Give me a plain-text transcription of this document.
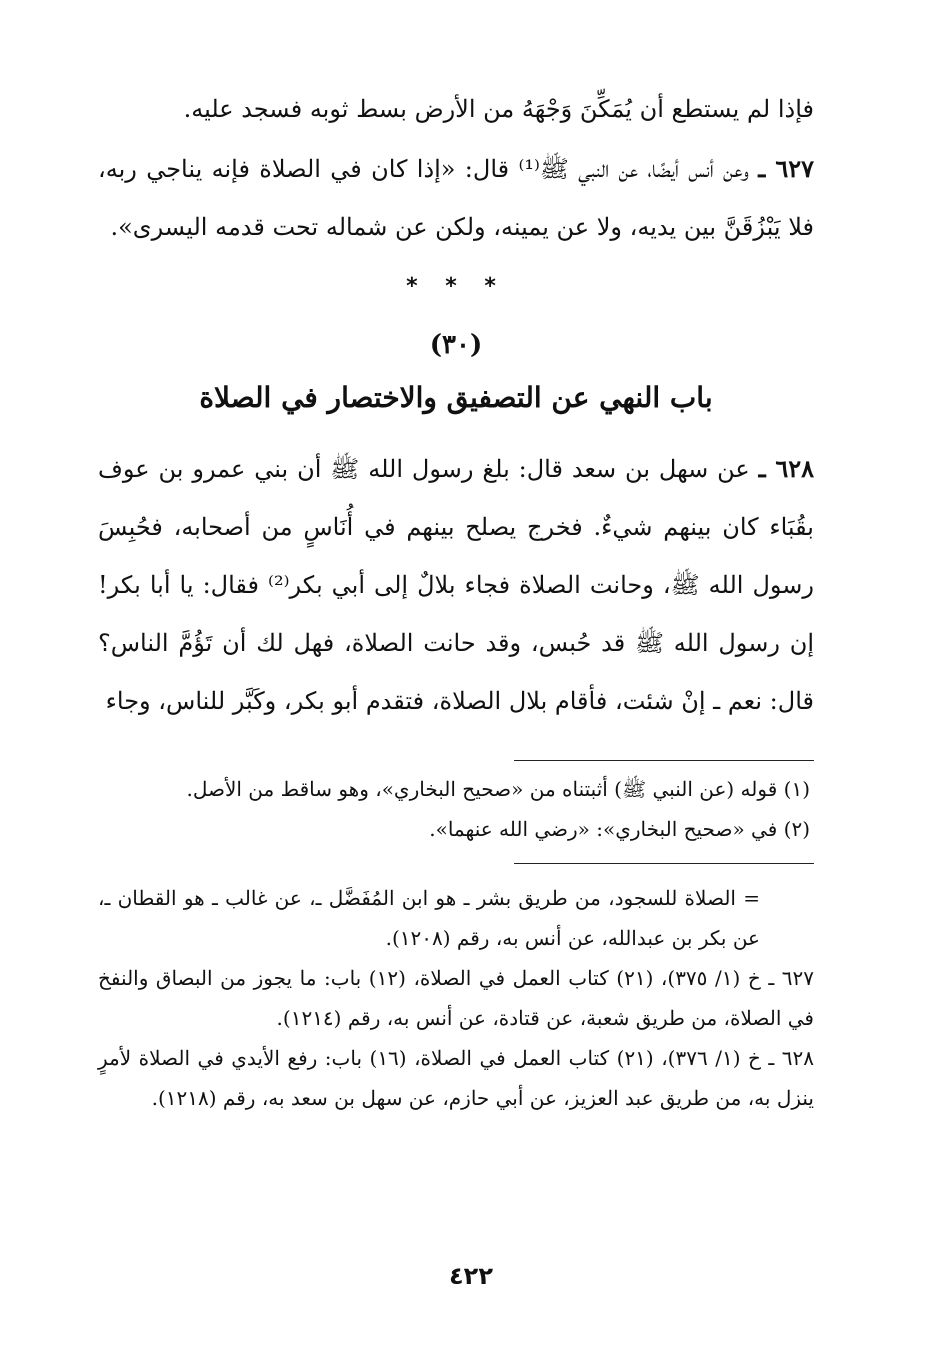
فإذا لم يستطع أن يُمَكِّنَ وَجْهَهُ من الأرض بسط ثوبه فسجد عليه.

٦٢٧ ـ وعن أنس أيضًا، عن النبي ﷺ⁽¹⁾ قال: «إذا كان في الصلاة فإنه يناجي ربه، فلا يَبْزُقَنَّ بين يديه، ولا عن يمينه، ولكن عن شماله تحت قدمه اليسرى».

* * *
(٣٠)
باب النهي عن التصفيق والاختصار في الصلاة

٦٢٨ ـ عن سهل بن سعد قال: بلغ رسول الله ﷺ أن بني عمرو بن عوف بقُبَاء كان بينهم شيءٌ. فخرج يصلح بينهم في أُنَاسٍ من أصحابه، فحُبِسَ رسول الله ﷺ، وحانت الصلاة فجاء بلالٌ إلى أبي بكر⁽²⁾ فقال: يا أبا بكر! إن رسول الله ﷺ قد حُبس، وقد حانت الصلاة، فهل لك أن تَؤُمَّ الناس؟ قال: نعم ـ إنْ شئت، فأقام بلال الصلاة، فتقدم أبو بكر، وكَبَّر للناس، وجاء

(١) قوله (عن النبي ﷺ) أثبتناه من «صحيح البخاري»، وهو ساقط من الأصل.

(٢) في «صحيح البخاري»: «رضي الله عنهما».

= الصلاة للسجود، من طريق بشر ـ هو ابن المُفَضَّل ـ، عن غالب ـ هو القطان ـ، عن بكر بن عبدالله، عن أنس به، رقم (١٢٠٨).

٦٢٧ ـ خ (١/ ٣٧٥)، (٢١) كتاب العمل في الصلاة، (١٢) باب: ما يجوز من البصاق والنفخ في الصلاة، من طريق شعبة، عن قتادة، عن أنس به، رقم (١٢١٤).

٦٢٨ ـ خ (١/ ٣٧٦)، (٢١) كتاب العمل في الصلاة، (١٦) باب: رفع الأيدي في الصلاة لأمرٍ ينزل به، من طريق عبد العزيز، عن أبي حازم، عن سهل بن سعد به، رقم (١٢١٨).

٤٢٢
